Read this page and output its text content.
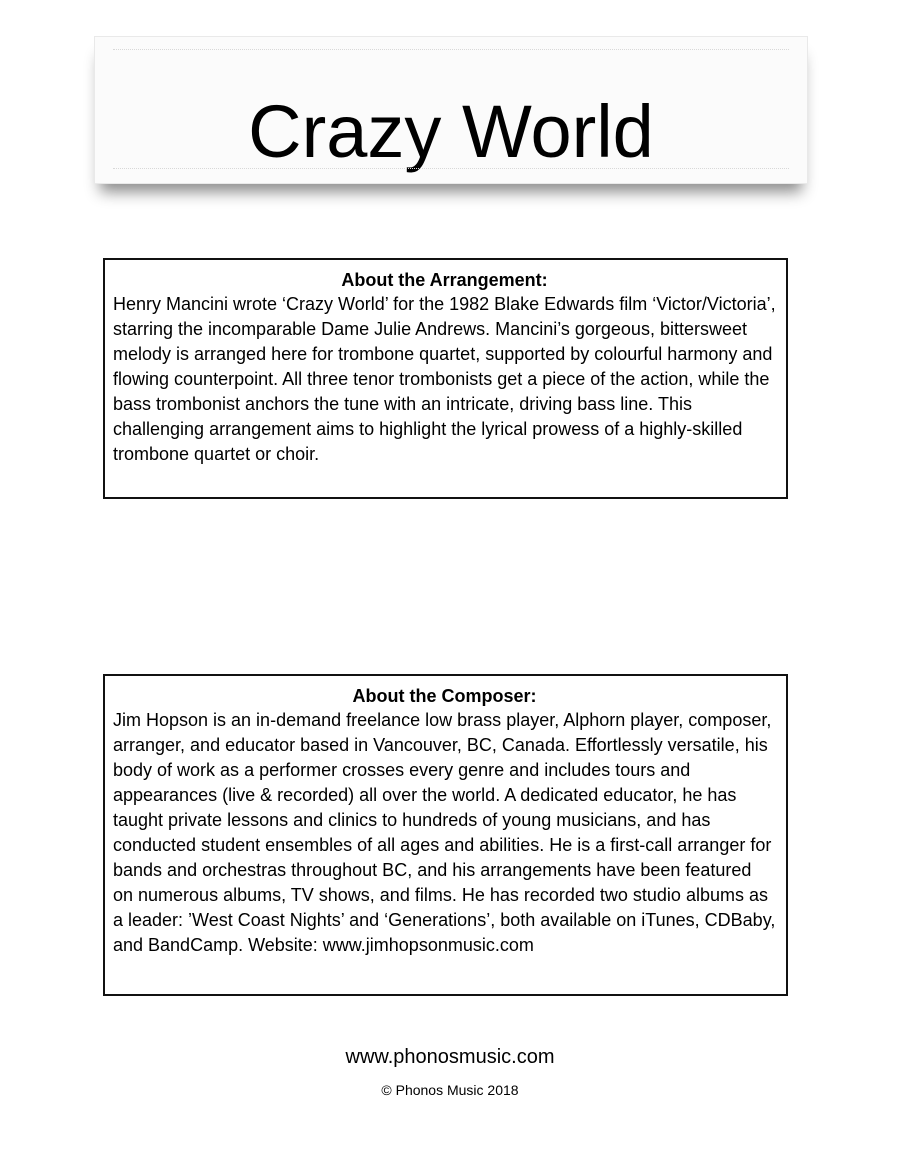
Crazy World

About the Arrangement:

Henry Mancini wrote ‘Crazy World’ for the 1982 Blake Edwards film ‘Victor/Victoria’, starring the incomparable Dame Julie Andrews. Mancini’s gorgeous, bittersweet melody is arranged here for trombone quartet, supported by colourful harmony and flowing counterpoint. All three tenor trombonists get a piece of the action, while the bass trombonist anchors the tune with an intricate, driving bass line. This challenging arrangement aims to highlight the lyrical prowess of a highly-skilled trombone quartet or choir.

About the Composer:

Jim Hopson is an in-demand freelance low brass player, Alphorn player, composer, arranger, and educator based in Vancouver, BC, Canada. Effortlessly versatile, his body of work as a performer crosses every genre and includes tours and appearances (live & recorded) all over the world. A dedicated educator, he has taught private lessons and clinics to hundreds of young musicians, and has conducted student ensembles of all ages and abilities. He is a first-call arranger for bands and orchestras throughout BC, and his arrangements have been featured on numerous albums, TV shows, and films. He has recorded two studio albums as a leader: ’West Coast Nights’ and ‘Generations’, both available on iTunes, CDBaby, and BandCamp. Website: www.jimhopsonmusic.com

www.phonosmusic.com
© Phonos Music 2018
